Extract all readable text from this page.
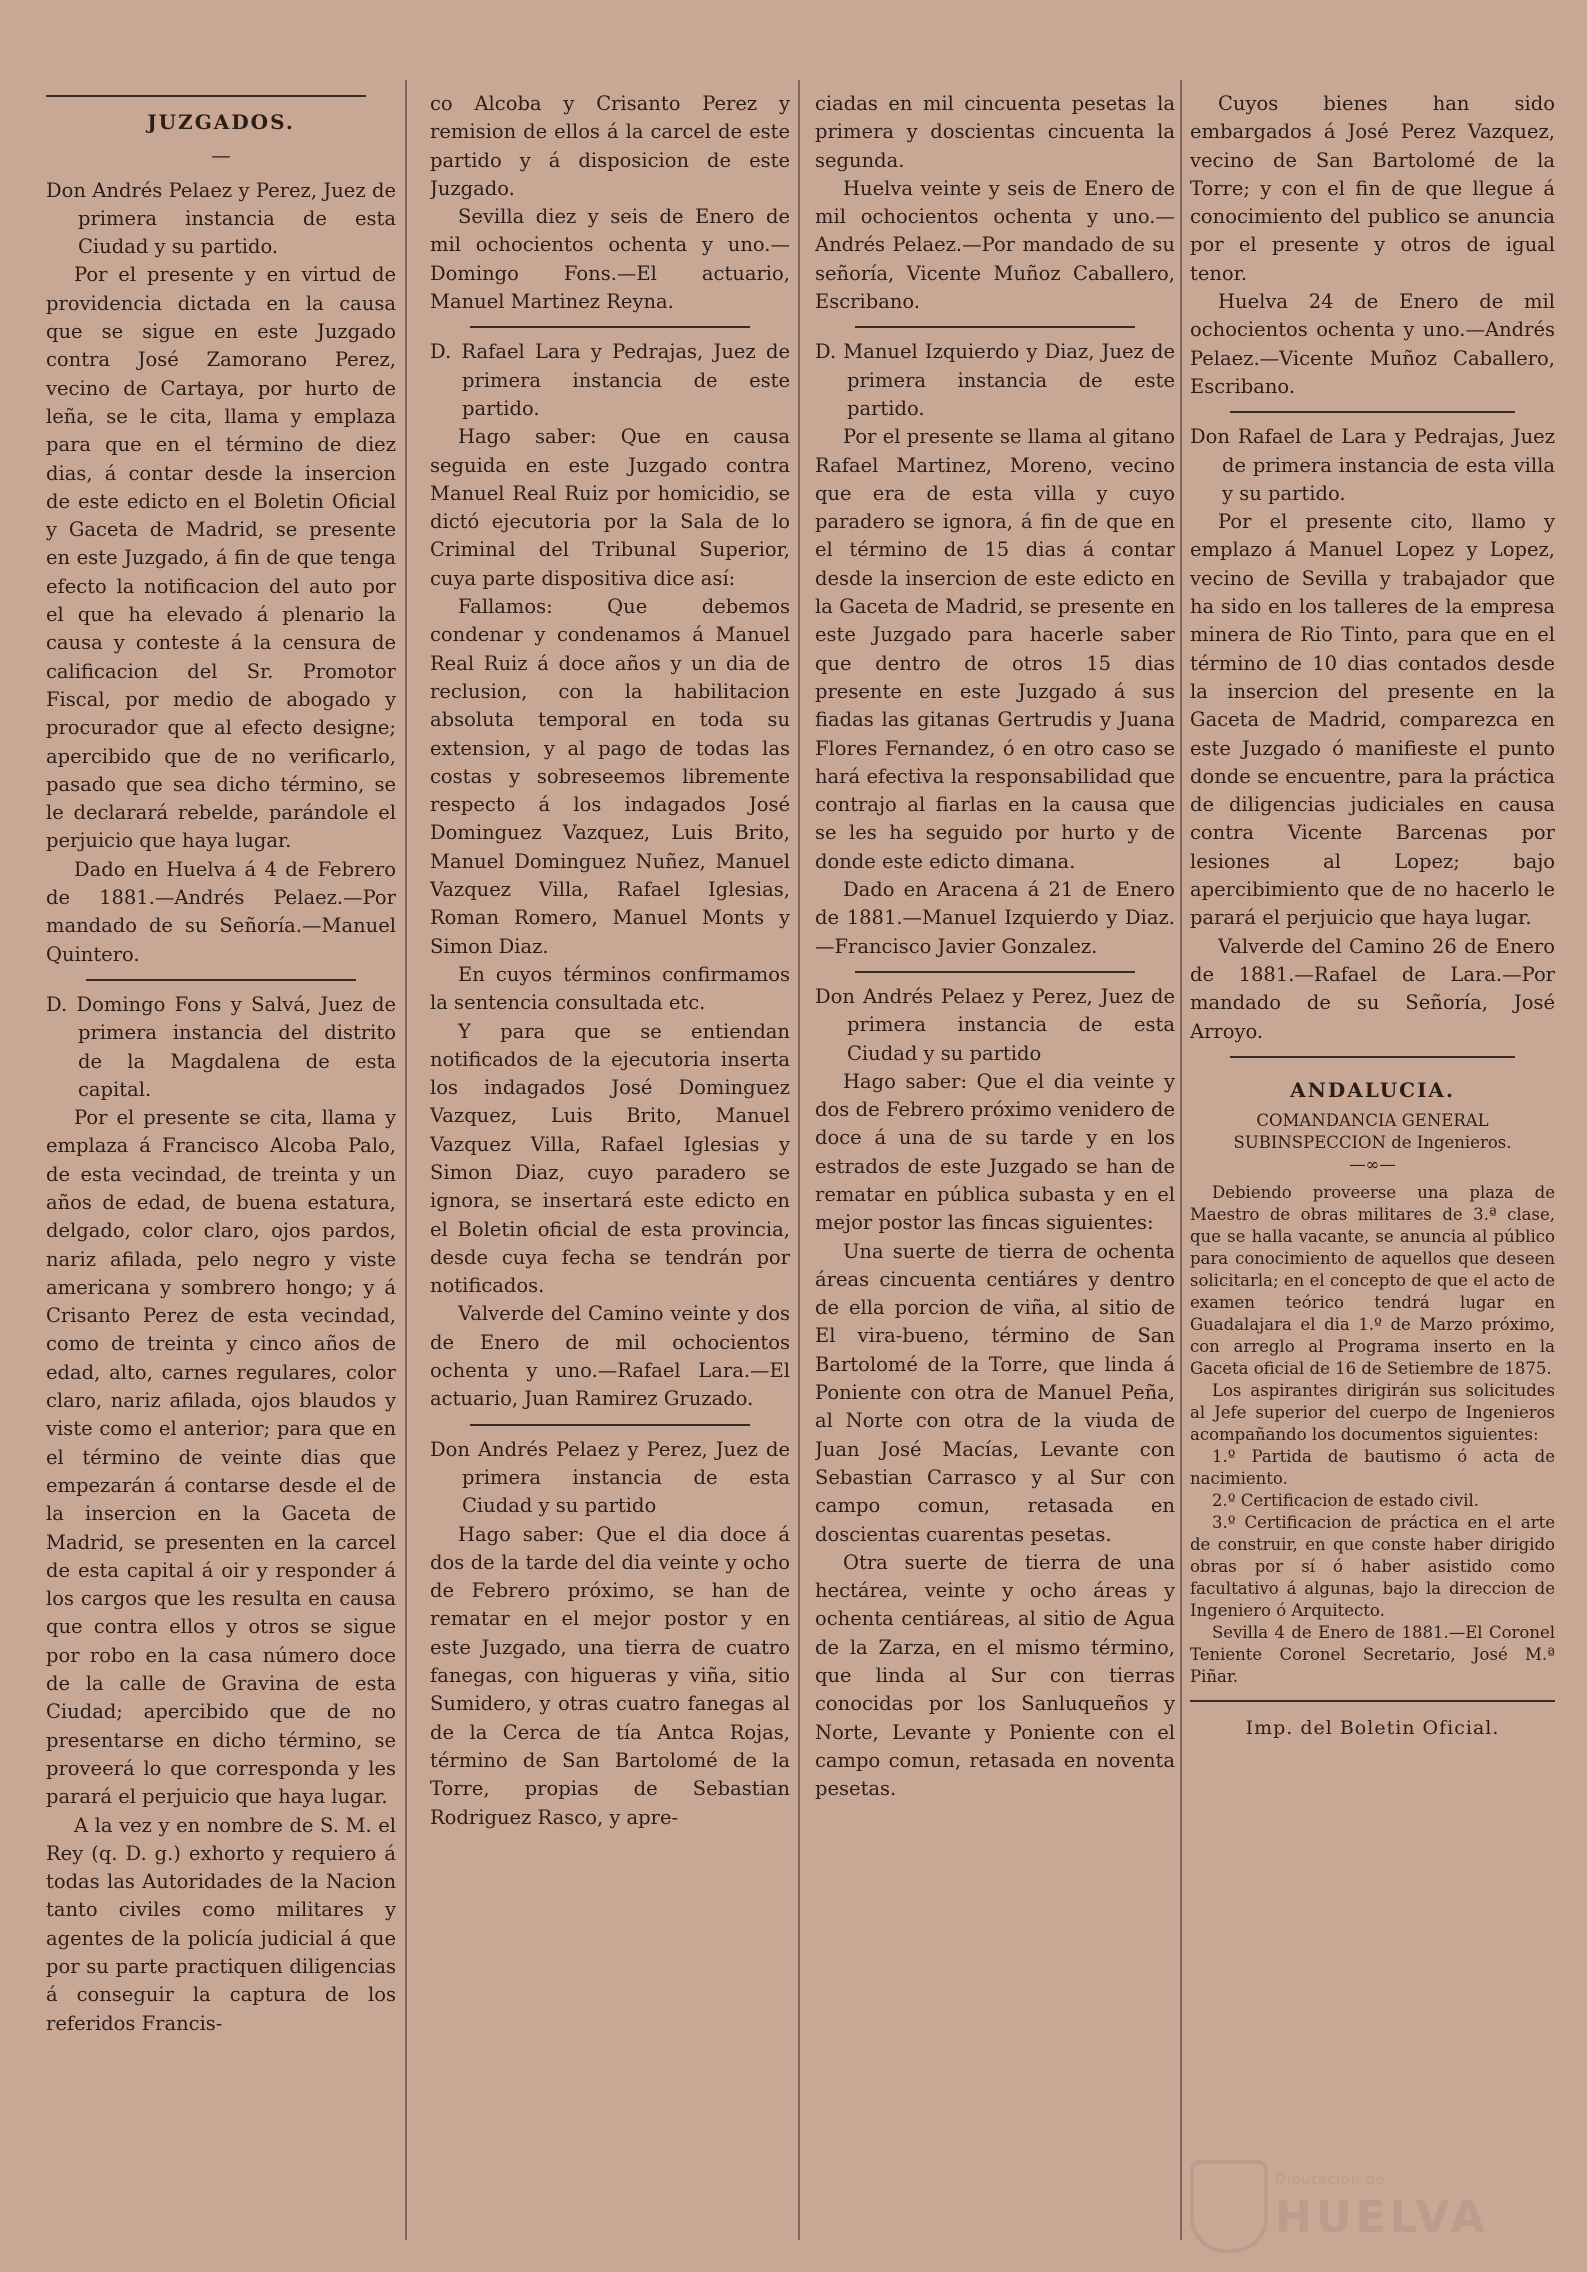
JUZGADOS.
—

Don Andrés Pelaez y Perez, Juez de primera instancia de esta Ciudad y su partido.

Por el presente y en virtud de providencia dictada en la causa que se sigue en este Juzgado contra José Zamorano Perez, vecino de Cartaya, por hurto de leña, se le cita, llama y emplaza para que en el término de diez dias, á contar desde la insercion de este edicto en el Boletin Oficial y Gaceta de Madrid, se presente en este Juzgado, á fin de que tenga efecto la notificacion del auto por el que ha elevado á plenario la causa y conteste á la censura de calificacion del Sr. Promotor Fiscal, por medio de abogado y procurador que al efecto designe; apercibido que de no verificarlo, pasado que sea dicho término, se le declarará rebelde, parándole el perjuicio que haya lugar.

Dado en Huelva á 4 de Febrero de 1881.—Andrés Pelaez.—Por mandado de su Señoría.—Manuel Quintero.

D. Domingo Fons y Salvá, Juez de primera instancia del distrito de la Magdalena de esta capital.

Por el presente se cita, llama y emplaza á Francisco Alcoba Palo, de esta vecindad, de treinta y un años de edad, de buena estatura, delgado, color claro, ojos pardos, nariz afilada, pelo negro y viste americana y sombrero hongo; y á Crisanto Perez de esta vecindad, como de treinta y cinco años de edad, alto, carnes regulares, color claro, nariz afilada, ojos blaudos y viste como el anterior; para que en el término de veinte dias que empezarán á contarse desde el de la insercion en la Gaceta de Madrid, se presenten en la carcel de esta capital á oir y responder á los cargos que les resulta en causa que contra ellos y otros se sigue por robo en la casa número doce de la calle de Gravina de esta Ciudad; apercibido que de no presentarse en dicho término, se proveerá lo que corresponda y les parará el perjuicio que haya lugar.

A la vez y en nombre de S. M. el Rey (q. D. g.) exhorto y requiero á todas las Autoridades de la Nacion tanto civiles como militares y agentes de la policía judicial á que por su parte practiquen diligencias á conseguir la captura de los referidos Francis-

co Alcoba y Crisanto Perez y remision de ellos á la carcel de este partido y á disposicion de este Juzgado.

Sevilla diez y seis de Enero de mil ochocientos ochenta y uno.—Domingo Fons.—El actuario, Manuel Martinez Reyna.

D. Rafael Lara y Pedrajas, Juez de primera instancia de este partido.

Hago saber: Que en causa seguida en este Juzgado contra Manuel Real Ruiz por homicidio, se dictó ejecutoria por la Sala de lo Criminal del Tribunal Superior, cuya parte dispositiva dice así:

Fallamos: Que debemos condenar y condenamos á Manuel Real Ruiz á doce años y un dia de reclusion, con la habilitacion absoluta temporal en toda su extension, y al pago de todas las costas y sobreseemos libremente respecto á los indagados José Dominguez Vazquez, Luis Brito, Manuel Dominguez Nuñez, Manuel Vazquez Villa, Rafael Iglesias, Roman Romero, Manuel Monts y Simon Diaz.

En cuyos términos confirmamos la sentencia consultada etc.

Y para que se entiendan notificados de la ejecutoria inserta los indagados José Dominguez Vazquez, Luis Brito, Manuel Vazquez Villa, Rafael Iglesias y Simon Diaz, cuyo paradero se ignora, se insertará este edicto en el Boletin oficial de esta provincia, desde cuya fecha se tendrán por notificados.

Valverde del Camino veinte y dos de Enero de mil ochocientos ochenta y uno.—Rafael Lara.—El actuario, Juan Ramirez Gruzado.

Don Andrés Pelaez y Perez, Juez de primera instancia de esta Ciudad y su partido

Hago saber: Que el dia doce á dos de la tarde del dia veinte y ocho de Febrero próximo, se han de rematar en el mejor postor y en este Juzgado, una tierra de cuatro fanegas, con higueras y viña, sitio Sumidero, y otras cuatro fanegas al de la Cerca de tía Antca Rojas, término de San Bartolomé de la Torre, propias de Sebastian Rodriguez Rasco, y apre-

ciadas en mil cincuenta pesetas la primera y doscientas cincuenta la segunda.

Huelva veinte y seis de Enero de mil ochocientos ochenta y uno.—Andrés Pelaez.—Por mandado de su señoría, Vicente Muñoz Caballero, Escribano.

D. Manuel Izquierdo y Diaz, Juez de primera instancia de este partido.

Por el presente se llama al gitano Rafael Martinez, Moreno, vecino que era de esta villa y cuyo paradero se ignora, á fin de que en el término de 15 dias á contar desde la insercion de este edicto en la Gaceta de Madrid, se presente en este Juzgado para hacerle saber que dentro de otros 15 dias presente en este Juzgado á sus fiadas las gitanas Gertrudis y Juana Flores Fernandez, ó en otro caso se hará efectiva la responsabilidad que contrajo al fiarlas en la causa que se les ha seguido por hurto y de donde este edicto dimana.

Dado en Aracena á 21 de Enero de 1881.—Manuel Izquierdo y Diaz.—Francisco Javier Gonzalez.

Don Andrés Pelaez y Perez, Juez de primera instancia de esta Ciudad y su partido

Hago saber: Que el dia veinte y dos de Febrero próximo venidero de doce á una de su tarde y en los estrados de este Juzgado se han de rematar en pública subasta y en el mejor postor las fincas siguientes:

Una suerte de tierra de ochenta áreas cincuenta centiáres y dentro de ella porcion de viña, al sitio de El vira-bueno, término de San Bartolomé de la Torre, que linda á Poniente con otra de Manuel Peña, al Norte con otra de la viuda de Juan José Macías, Levante con Sebastian Carrasco y al Sur con campo comun, retasada en doscientas cuarentas pesetas.

Otra suerte de tierra de una hectárea, veinte y ocho áreas y ochenta centiáreas, al sitio de Agua de la Zarza, en el mismo término, que linda al Sur con tierras conocidas por los Sanluqueños y Norte, Levante y Poniente con el campo comun, retasada en noventa pesetas.

Cuyos bienes han sido embargados á José Perez Vazquez, vecino de San Bartolomé de la Torre; y con el fin de que llegue á conocimiento del publico se anuncia por el presente y otros de igual tenor.

Huelva 24 de Enero de mil ochocientos ochenta y uno.—Andrés Pelaez.—Vicente Muñoz Caballero, Escribano.

Don Rafael de Lara y Pedrajas, Juez de primera instancia de esta villa y su partido.

Por el presente cito, llamo y emplazo á Manuel Lopez y Lopez, vecino de Sevilla y trabajador que ha sido en los talleres de la empresa minera de Rio Tinto, para que en el término de 10 dias contados desde la insercion del presente en la Gaceta de Madrid, comparezca en este Juzgado ó manifieste el punto donde se encuentre, para la práctica de diligencias judiciales en causa contra Vicente Barcenas por lesiones al Lopez; bajo apercibimiento que de no hacerlo le parará el perjuicio que haya lugar.

Valverde del Camino 26 de Enero de 1881.—Rafael de Lara.—Por mandado de su Señoría, José Arroyo.

ANDALUCIA.

COMANDANCIA GENERAL SUBINSPECCION de Ingenieros.

—∞—

Debiendo proveerse una plaza de Maestro de obras militares de 3.ª clase, que se halla vacante, se anuncia al público para conocimiento de aquellos que deseen solicitarla; en el concepto de que el acto de examen teórico tendrá lugar en Guadalajara el dia 1.º de Marzo próximo, con arreglo al Programa inserto en la Gaceta oficial de 16 de Setiembre de 1875.

Los aspirantes dirigirán sus solicitudes al Jefe superior del cuerpo de Ingenieros acompañando los documentos siguientes:

1.º Partida de bautismo ó acta de nacimiento.

2.º Certificacion de estado civil.

3.º Certificacion de práctica en el arte de construir, en que conste haber dirigido obras por sí ó haber asistido como facultativo á algunas, bajo la direccion de Ingeniero ó Arquitecto.

Sevilla 4 de Enero de 1881.—El Coronel Teniente Coronel Secretario, José M.ª Piñar.

Imp. del Boletin Oficial.
Diputación de
HUELVA
